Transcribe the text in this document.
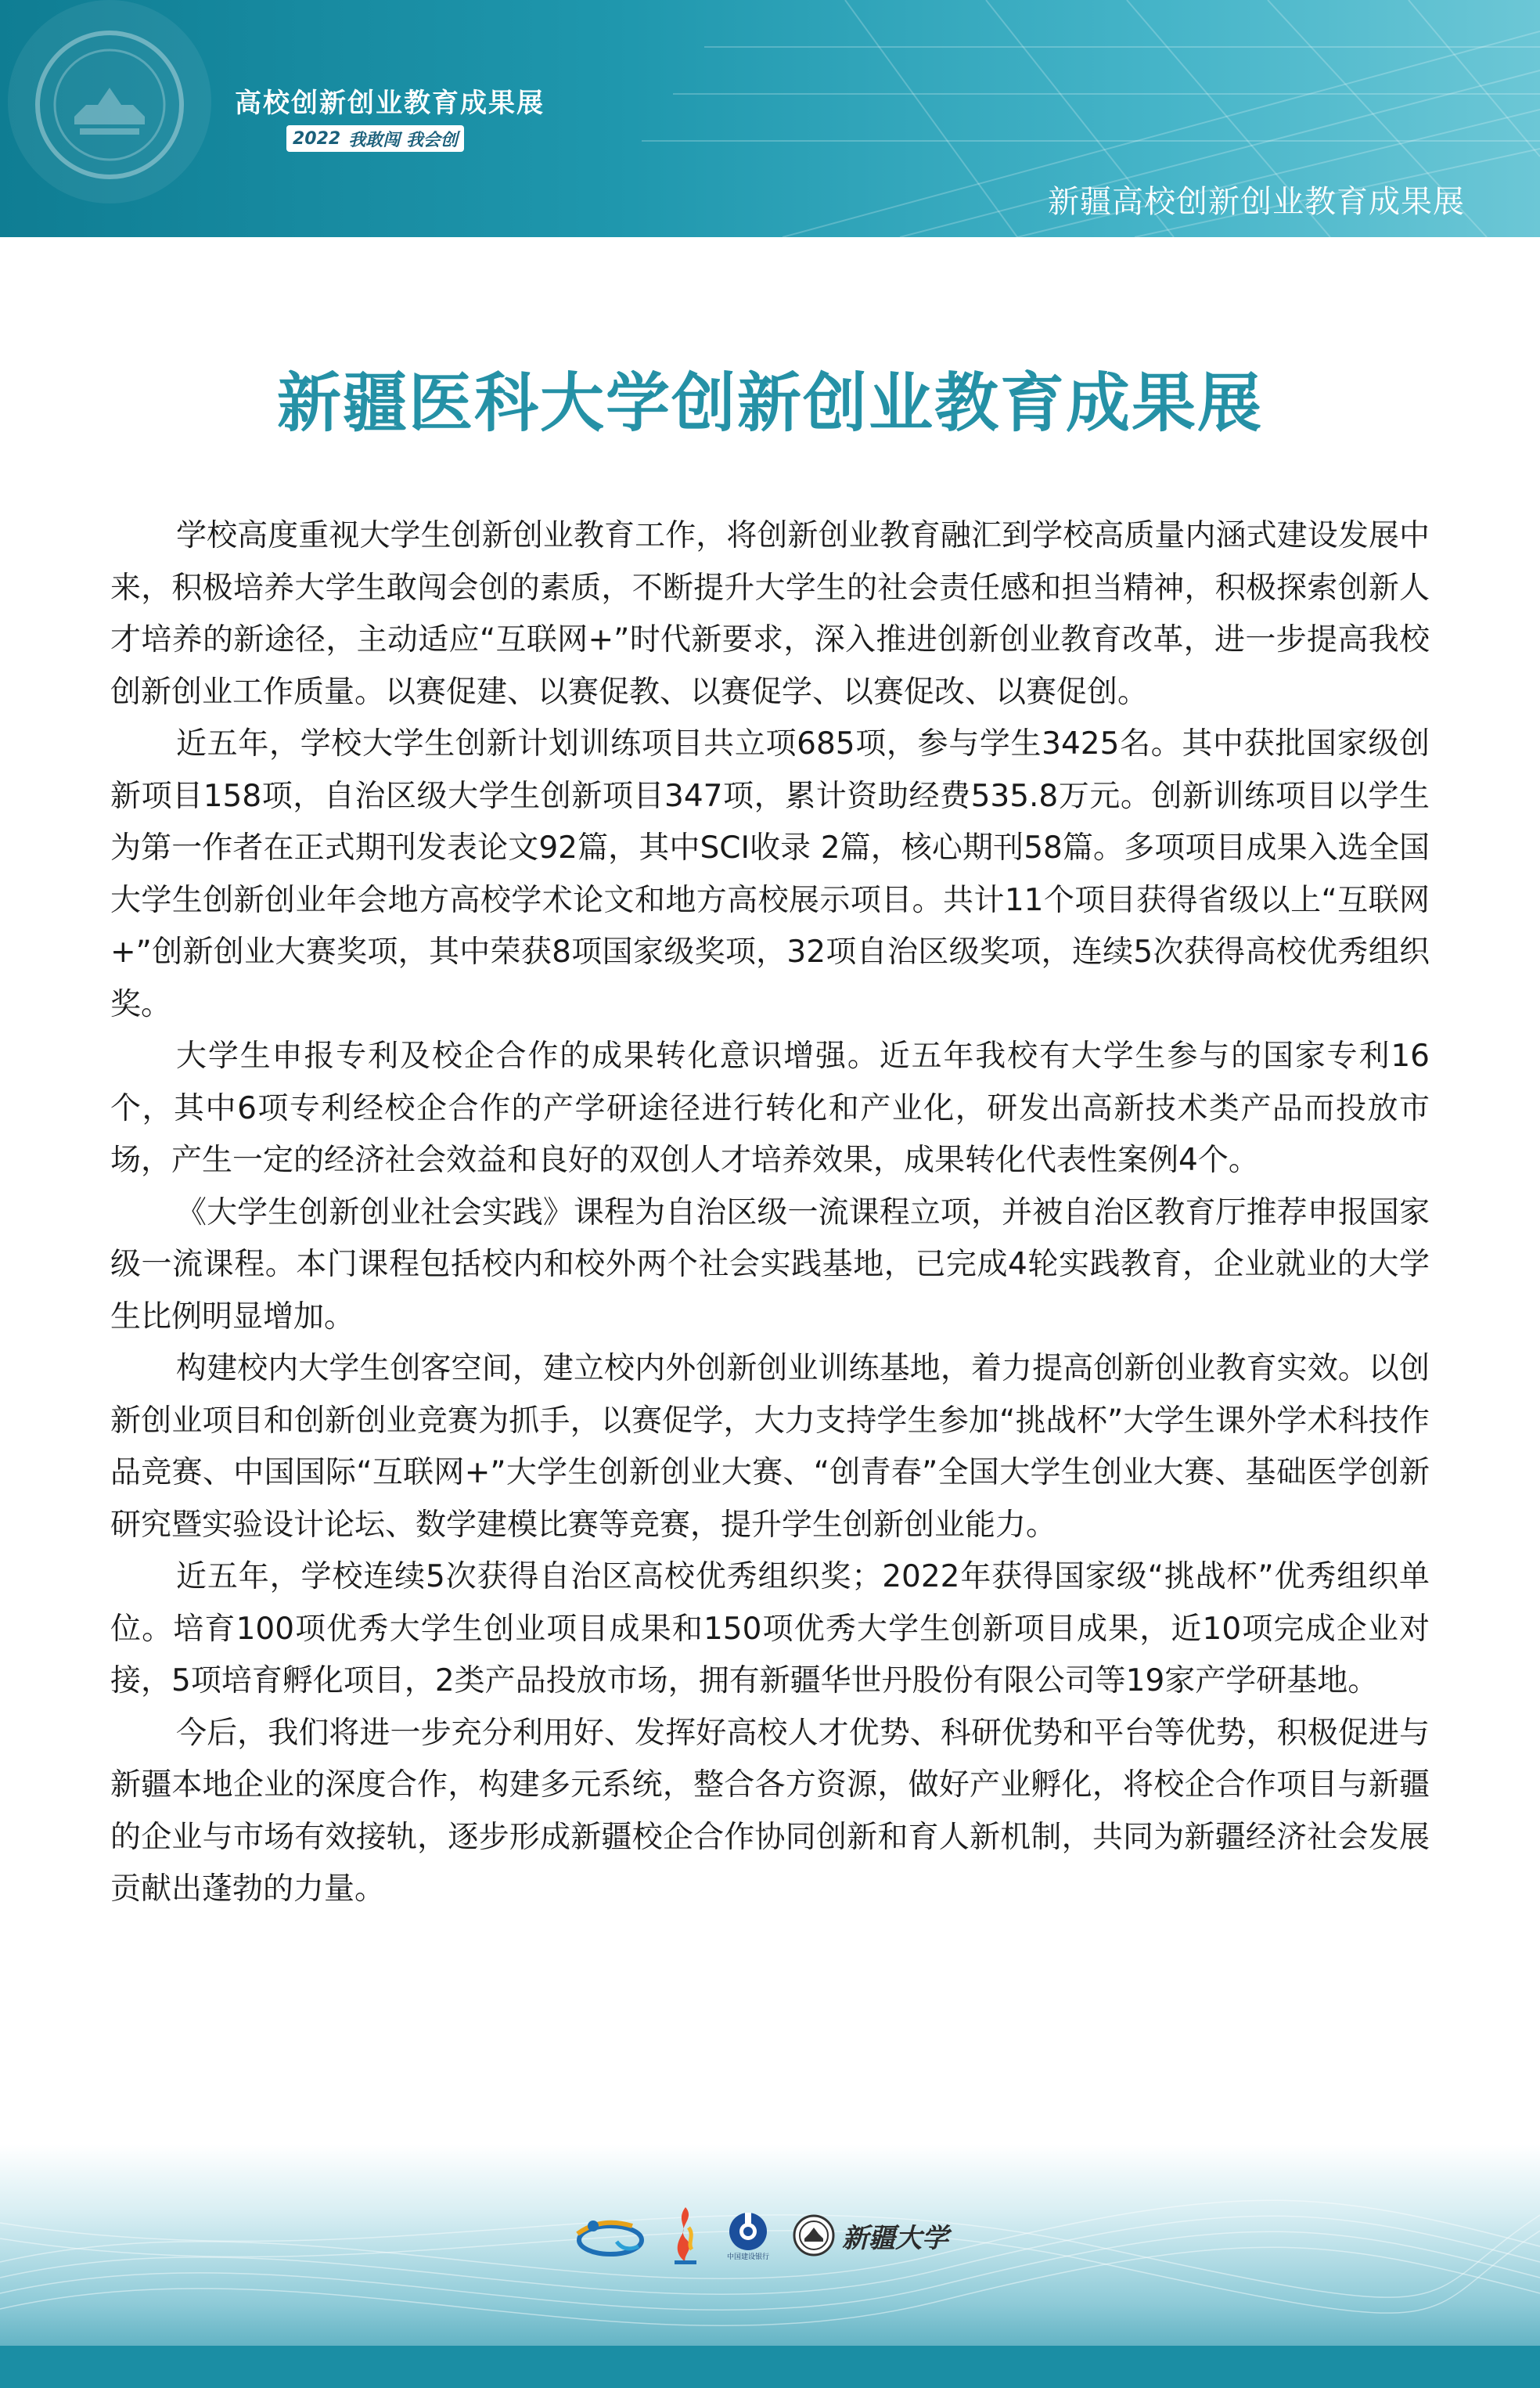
高校创新创业教育成果展
2022 我敢闯 我会创
新疆高校创新创业教育成果展
新疆医科大学创新创业教育成果展

学校高度重视大学生创新创业教育工作，将创新创业教育融汇到学校高质量内涵式建设发展中来，积极培养大学生敢闯会创的素质，不断提升大学生的社会责任感和担当精神，积极探索创新人才培养的新途径，主动适应“互联网+”时代新要求，深入推进创新创业教育改革，进一步提高我校创新创业工作质量。以赛促建、以赛促教、以赛促学、以赛促改、以赛促创。

近五年，学校大学生创新计划训练项目共立项685项，参与学生3425名。其中获批国家级创新项目158项，自治区级大学生创新项目347项，累计资助经费535.8万元。创新训练项目以学生为第一作者在正式期刊发表论文92篇，其中SCI收录 2篇，核心期刊58篇。多项项目成果入选全国大学生创新创业年会地方高校学术论文和地方高校展示项目。共计11个项目获得省级以上“互联网+”创新创业大赛奖项，其中荣获8项国家级奖项，32项自治区级奖项，连续5次获得高校优秀组织奖。

大学生申报专利及校企合作的成果转化意识增强。近五年我校有大学生参与的国家专利16个，其中6项专利经校企合作的产学研途径进行转化和产业化，研发出高新技术类产品而投放市场，产生一定的经济社会效益和良好的双创人才培养效果，成果转化代表性案例4个。

《大学生创新创业社会实践》课程为自治区级一流课程立项，并被自治区教育厅推荐申报国家级一流课程。本门课程包括校内和校外两个社会实践基地，已完成4轮实践教育，企业就业的大学生比例明显增加。

构建校内大学生创客空间，建立校内外创新创业训练基地，着力提高创新创业教育实效。以创新创业项目和创新创业竞赛为抓手，以赛促学，大力支持学生参加“挑战杯”大学生课外学术科技作品竞赛、中国国际“互联网+”大学生创新创业大赛、“创青春”全国大学生创业大赛、基础医学创新研究暨实验设计论坛、数学建模比赛等竞赛，提升学生创新创业能力。

近五年，学校连续5次获得自治区高校优秀组织奖；2022年获得国家级“挑战杯”优秀组织单位。培育100项优秀大学生创业项目成果和150项优秀大学生创新项目成果，近10项完成企业对接，5项培育孵化项目，2类产品投放市场，拥有新疆华世丹股份有限公司等19家产学研基地。

今后，我们将进一步充分利用好、发挥好高校人才优势、科研优势和平台等优势，积极促进与新疆本地企业的深度合作，构建多元系统，整合各方资源，做好产业孵化，将校企合作项目与新疆的企业与市场有效接轨，逐步形成新疆校企合作协同创新和育人新机制，共同为新疆经济社会发展贡献出蓬勃的力量。

中国建设银行
新疆大学
